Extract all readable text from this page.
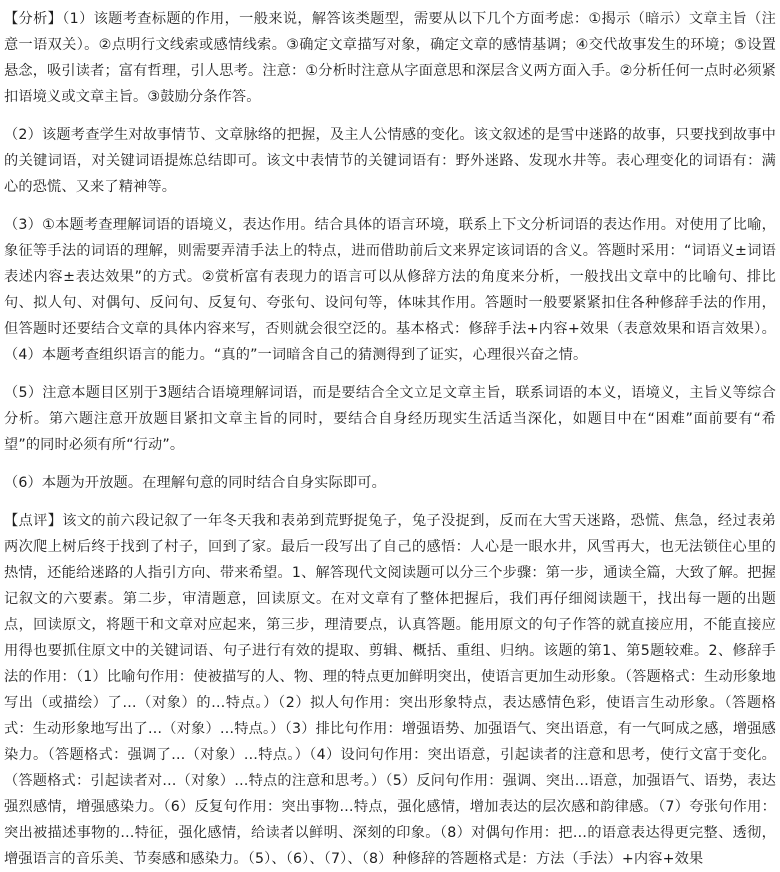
【分析】（1）该题考查标题的作用，一般来说，解答该类题型，需要从以下几个方面考虑：①揭示（暗示）文章主旨（注意一语双关）。②点明行文线索或感情线索。③确定文章描写对象，确定文章的感情基调；④交代故事发生的环境；⑤设置悬念，吸引读者；富有哲理，引人思考。注意：①分析时注意从字面意思和深层含义两方面入手。②分析任何一点时必须紧扣语境义或文章主旨。③鼓励分条作答。

（2）该题考查学生对故事情节、文章脉络的把握，及主人公情感的变化。该文叙述的是雪中迷路的故事，只要找到故事中的关键词语，对关键词语提炼总结即可。该文中表情节的关键词语有：野外迷路、发现水井等。表心理变化的词语有：满心的恐慌、又来了精神等。

（3）①本题考查理解词语的语境义，表达作用。结合具体的语言环境，联系上下文分析词语的表达作用。对使用了比喻，象征等手法的词语的理解，则需要弄清手法上的特点，进而借助前后文来界定该词语的含义。答题时采用：“词语义±词语表述内容±表达效果”的方式。②赏析富有表现力的语言可以从修辞方法的角度来分析，一般找出文章中的比喻句、排比句、拟人句、对偶句、反问句、反复句、夸张句、设问句等，体味其作用。答题时一般要紧紧扣住各种修辞手法的作用，但答题时还要结合文章的具体内容来写，否则就会很空泛的。基本格式：修辞手法+内容+效果（表意效果和语言效果）。（4）本题考查组织语言的能力。“真的”一词暗含自己的猜测得到了证实，心理很兴奋之情。

（5）注意本题目区别于3题结合语境理解词语，而是要结合全文立足文章主旨，联系词语的本义，语境义，主旨义等综合分析。第六题注意开放题目紧扣文章主旨的同时，要结合自身经历现实生活适当深化，如题目中在“困难”面前要有“希望”的同时必须有所“行动”。

（6）本题为开放题。在理解句意的同时结合自身实际即可。

【点评】该文的前六段记叙了一年冬天我和表弟到荒野捉兔子，兔子没捉到，反而在大雪天迷路，恐慌、焦急，经过表弟两次爬上树后终于找到了村子，回到了家。最后一段写出了自己的感悟：人心是一眼水井，风雪再大，也无法锁住心里的热情，还能给迷路的人指引方向、带来希望。1、解答现代文阅读题可以分三个步骤：第一步，通读全篇，大致了解。把握记叙文的六要素。第二步，审清题意，回读原文。在对文章有了整体把握后，我们再仔细阅读题干，找出每一题的出题点，回读原文，将题干和文章对应起来，第三步，理清要点，认真答题。能用原文的句子作答的就直接应用，不能直接应用得也要抓住原文中的关键词语、句子进行有效的提取、剪辑、概括、重组、归纳。该题的第1、第5题较难。2、修辞手法的作用：（1）比喻句作用：使被描写的人、物、理的特点更加鲜明突出，使语言更加生动形象。（答题格式：生动形象地写出（或描绘）了…（对象）的…特点。）（2）拟人句作用：突出形象特点，表达感情色彩，使语言生动形象。（答题格式：生动形象地写出了…（对象）…特点。）（3）排比句作用：增强语势、加强语气、突出语意，有一气呵成之感，增强感染力。（答题格式：强调了…（对象）…特点。）（4）设问句作用：突出语意，引起读者的注意和思考，使行文富于变化。（答题格式：引起读者对…（对象）…特点的注意和思考。）（5）反问句作用：强调、突出…语意，加强语气、语势，表达强烈感情，增强感染力。（6）反复句作用：突出事物…特点，强化感情，增加表达的层次感和韵律感。（7）夸张句作用：突出被描述事物的…特征，强化感情，给读者以鲜明、深刻的印象。（8）对偶句作用：把…的语意表达得更完整、透彻，增强语言的音乐美、节奏感和感染力。（5）、（6）、（7）、（8）种修辞的答题格式是：方法（手法）+内容+效果
